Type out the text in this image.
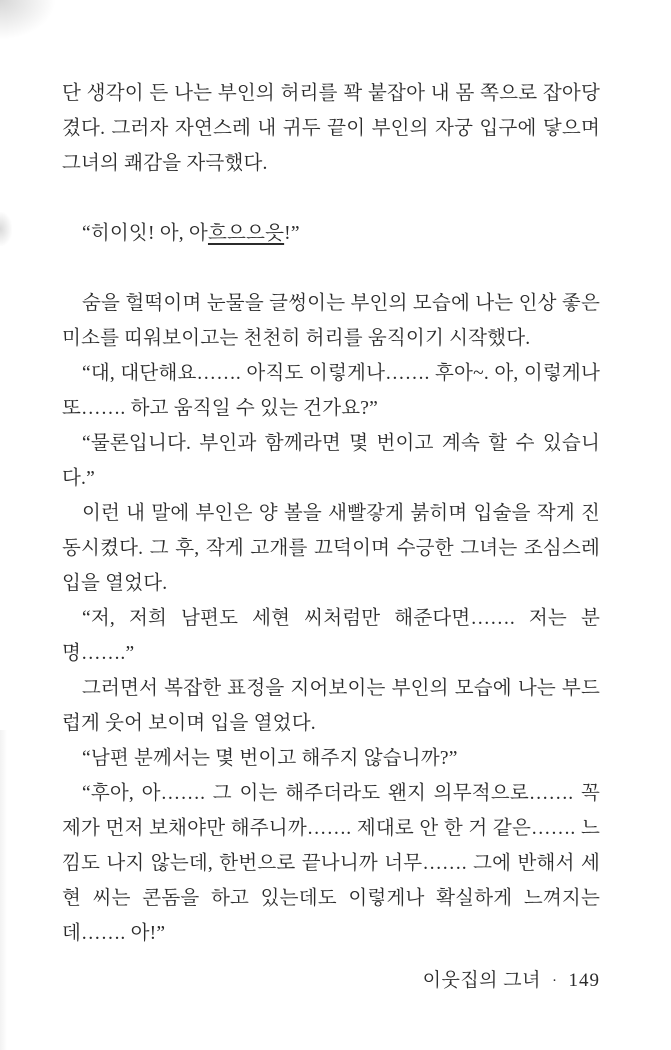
단 생각이 든 나는 부인의 허리를 꽉 붙잡아 내 몸 쪽으로 잡아당겼다. 그러자 자연스레 내 귀두 끝이 부인의 자궁 입구에 닿으며 그녀의 쾌감을 자극했다.

“히이잇! 아, 아흐으으읏!”

숨을 헐떡이며 눈물을 글썽이는 부인의 모습에 나는 인상 좋은 미소를 띠워보이고는 천천히 허리를 움직이기 시작했다.

“대, 대단해요……. 아직도 이렇게나……. 후아~. 아, 이렇게나 또……. 하고 움직일 수 있는 건가요?”

“물론입니다. 부인과 함께라면 몇 번이고 계속 할 수 있습니다.”

이런 내 말에 부인은 양 볼을 새빨갛게 붉히며 입술을 작게 진동시켰다. 그 후, 작게 고개를 끄덕이며 수긍한 그녀는 조심스레 입을 열었다.

“저, 저희 남편도 세현 씨처럼만 해준다면……. 저는 분명…….”

그러면서 복잡한 표정을 지어보이는 부인의 모습에 나는 부드럽게 웃어 보이며 입을 열었다.

“남편 분께서는 몇 번이고 해주지 않습니까?”

“후아, 아……. 그 이는 해주더라도 왠지 의무적으로……. 꼭 제가 먼저 보채야만 해주니까……. 제대로 안 한 거 같은……. 느낌도 나지 않는데, 한번으로 끝나니까 너무……. 그에 반해서 세현 씨는 콘돔을 하고 있는데도 이렇게나 확실하게 느껴지는데……. 아!”

이웃집의 그녀 · 149
